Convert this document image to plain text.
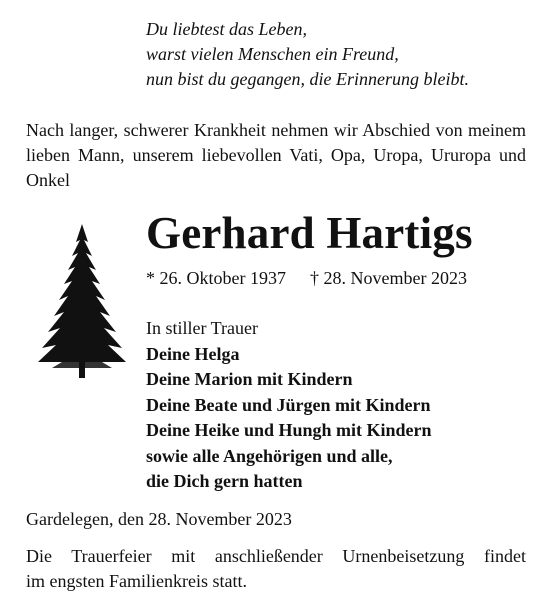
Du liebtest das Leben,
warst vielen Menschen ein Freund,
nun bist du gegangen, die Erinnerung bleibt.
Nach langer, schwerer Krankheit nehmen wir Abschied von meinem lieben Mann, unserem liebevollen Vati, Opa, Uropa, Ururopa und Onkel
Gerhard Hartigs
* 26. Oktober 1937 † 28. November 2023
In stiller Trauer
Deine Helga
Deine Marion mit Kindern
Deine Beate und Jürgen mit Kindern
Deine Heike und Hungh mit Kindern
sowie alle Angehörigen und alle,
die Dich gern hatten
Gardelegen, den 28. November 2023
Die Trauerfeier mit anschließender Urnenbeisetzung findet
im engsten Familienkreis statt.
